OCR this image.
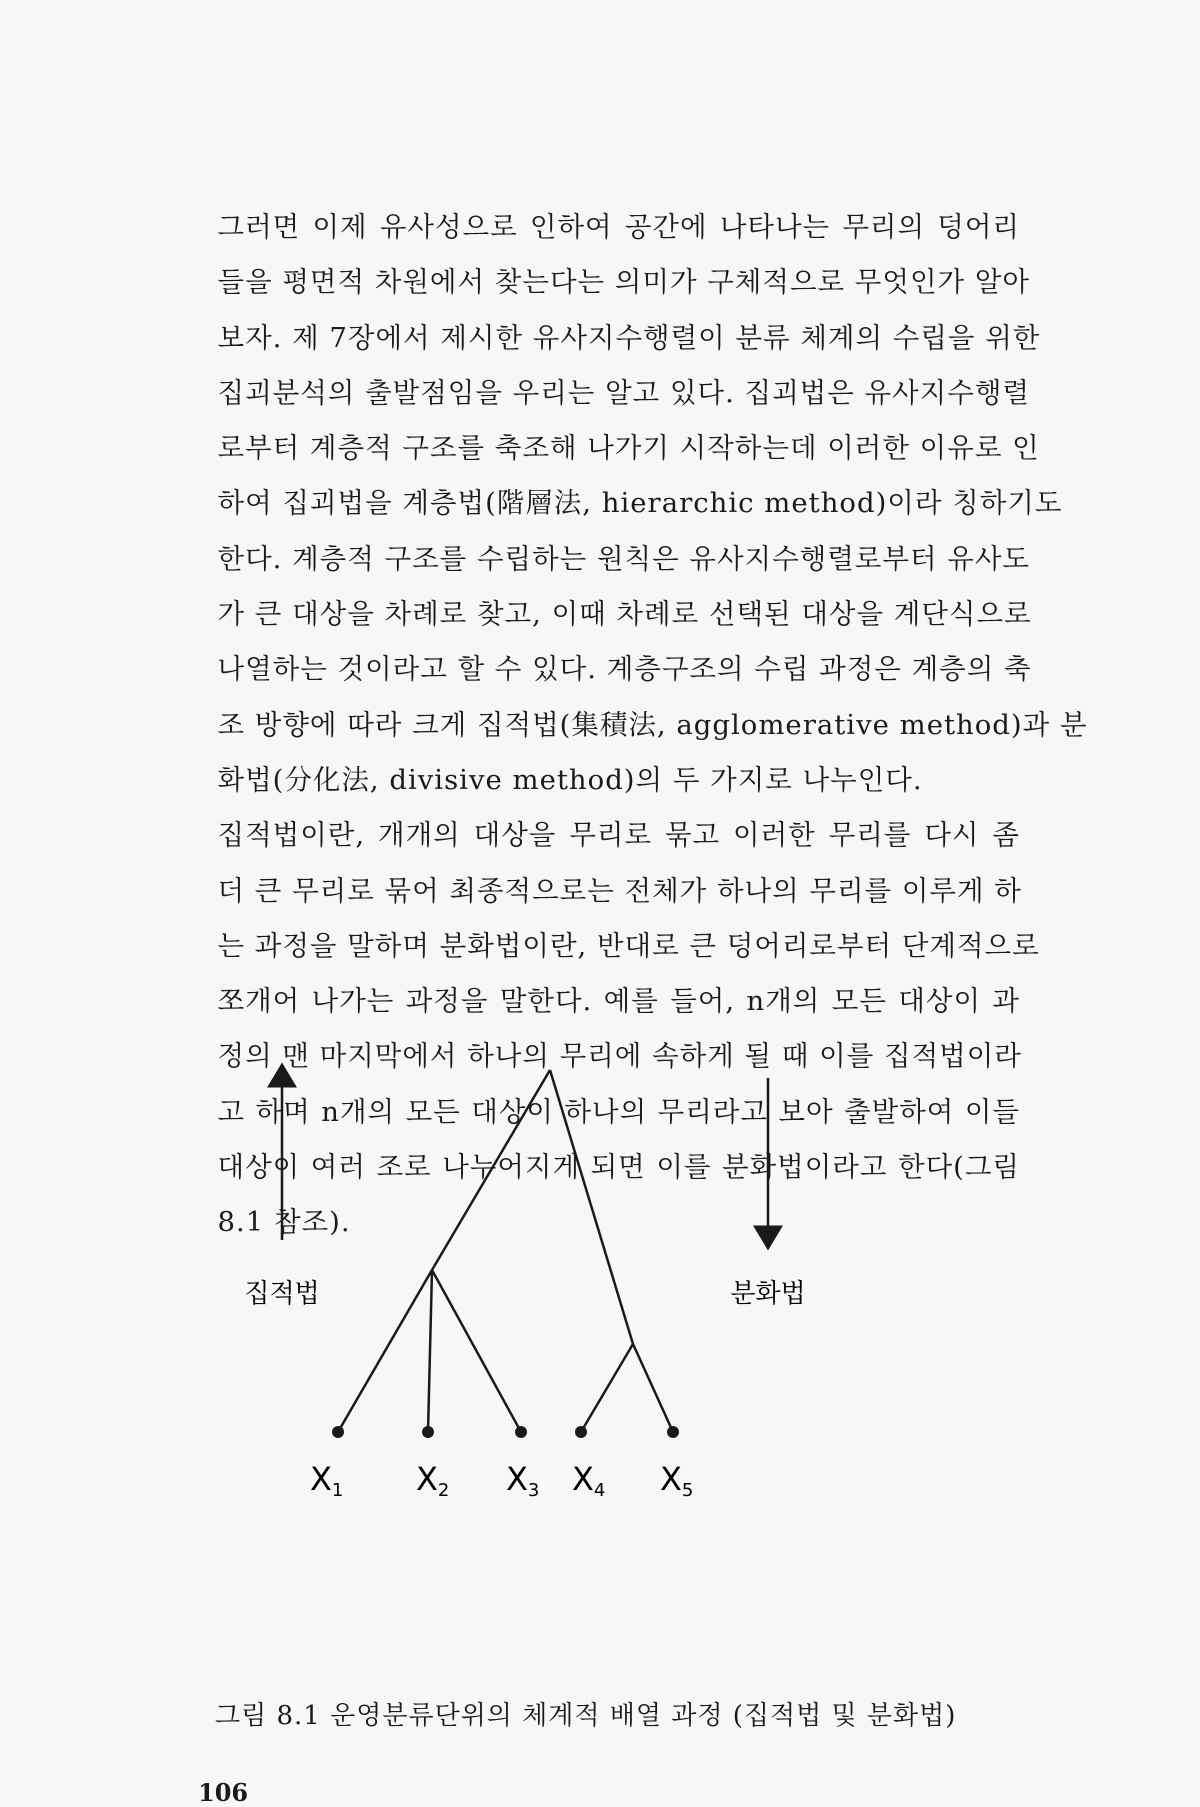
그러면 이제 유사성으로 인하여 공간에 나타나는 무리의 덩어리
들을 평면적 차원에서 찾는다는 의미가 구체적으로 무엇인가 알아
보자. 제 7장에서 제시한 유사지수행렬이 분류 체계의 수립을 위한
집괴분석의 출발점임을 우리는 알고 있다. 집괴법은 유사지수행렬
로부터 계층적 구조를 축조해 나가기 시작하는데 이러한 이유로 인
하여 집괴법을 계층법(階層法, hierarchic method)이라 칭하기도
한다. 계층적 구조를 수립하는 원칙은 유사지수행렬로부터 유사도
가 큰 대상을 차례로 찾고, 이때 차례로 선택된 대상을 계단식으로
나열하는 것이라고 할 수 있다. 계층구조의 수립 과정은 계층의 축
조 방향에 따라 크게 집적법(集積法, agglomerative method)과 분
화법(分化法, divisive method)의 두 가지로 나누인다.

집적법이란, 개개의 대상을 무리로 묶고 이러한 무리를 다시 좀
더 큰 무리로 묶어 최종적으로는 전체가 하나의 무리를 이루게 하
는 과정을 말하며 분화법이란, 반대로 큰 덩어리로부터 단계적으로
쪼개어 나가는 과정을 말한다. 예를 들어, n개의 모든 대상이 과
정의 맨 마지막에서 하나의 무리에 속하게 될 때 이를 집적법이라
고 하며 n개의 모든 대상이 하나의 무리라고 보아 출발하여 이들
대상이 여러 조로 나누어지게 되면 이를 분화법이라고 한다(그림
8.1 참조).

집적법	분화법
X1 X2 X3 X4 X5
그림 8.1 운영분류단위의 체계적 배열 과정 (집적법 및 분화법)
106
